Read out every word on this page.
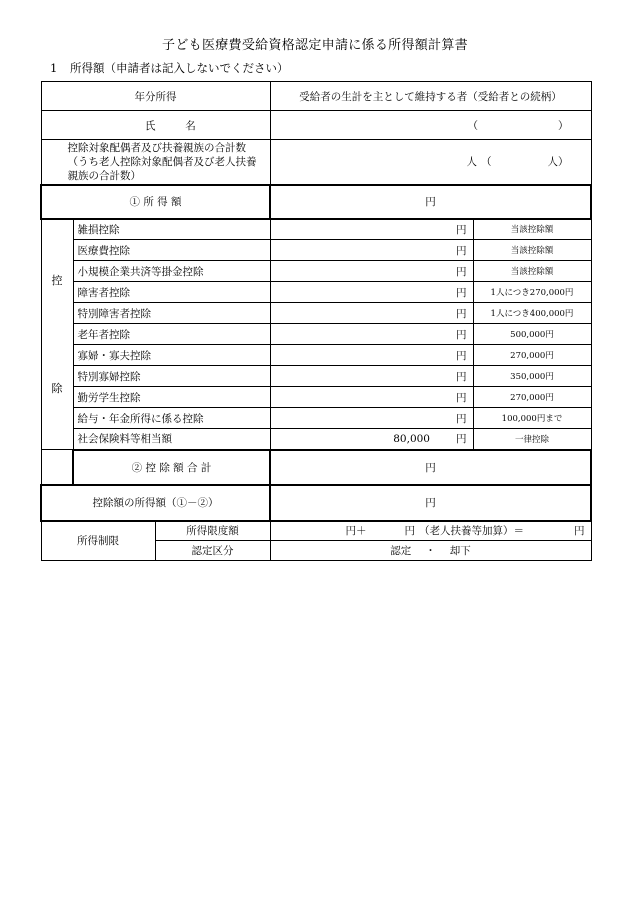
子ども医療費受給資格認定申請に係る所得額計算書
1 所得額（申請者は記入しないでください）
年分所得			受給者の生計を主として維持する者（受給者との続柄）	
氏 名			（ ）	
控除対象配偶者及び扶養親族の合計数（うち老人控除対象配偶者及び老人扶養親族の合計数）			人 （ 人）	
① 所 得 額			円	

控
除	雑損控除		円	当該控除額
	医療費控除		円	当該控除額
	小規模企業共済等掛金控除		円	当該控除額
	障害者控除		円	1人につき270,000円
	特別障害者控除		円	1人につき400,000円
	老年者控除		円	500,000円
	寡婦・寡夫控除		円	270,000円
	特別寡婦控除		円	350,000円
	勤労学生控除		円	270,000円
	給与・年金所得に係る控除		円	100,000円まで
	社会保険料等相当額		80,000 円	一律控除
	② 控 除 額 合 計		円	
控除額の所得額（①－②）			円	
所得制限		所得限度額	円＋ 円 （老人扶養等加算）＝ 円	
		認定区分	認定 ・ 却下	
